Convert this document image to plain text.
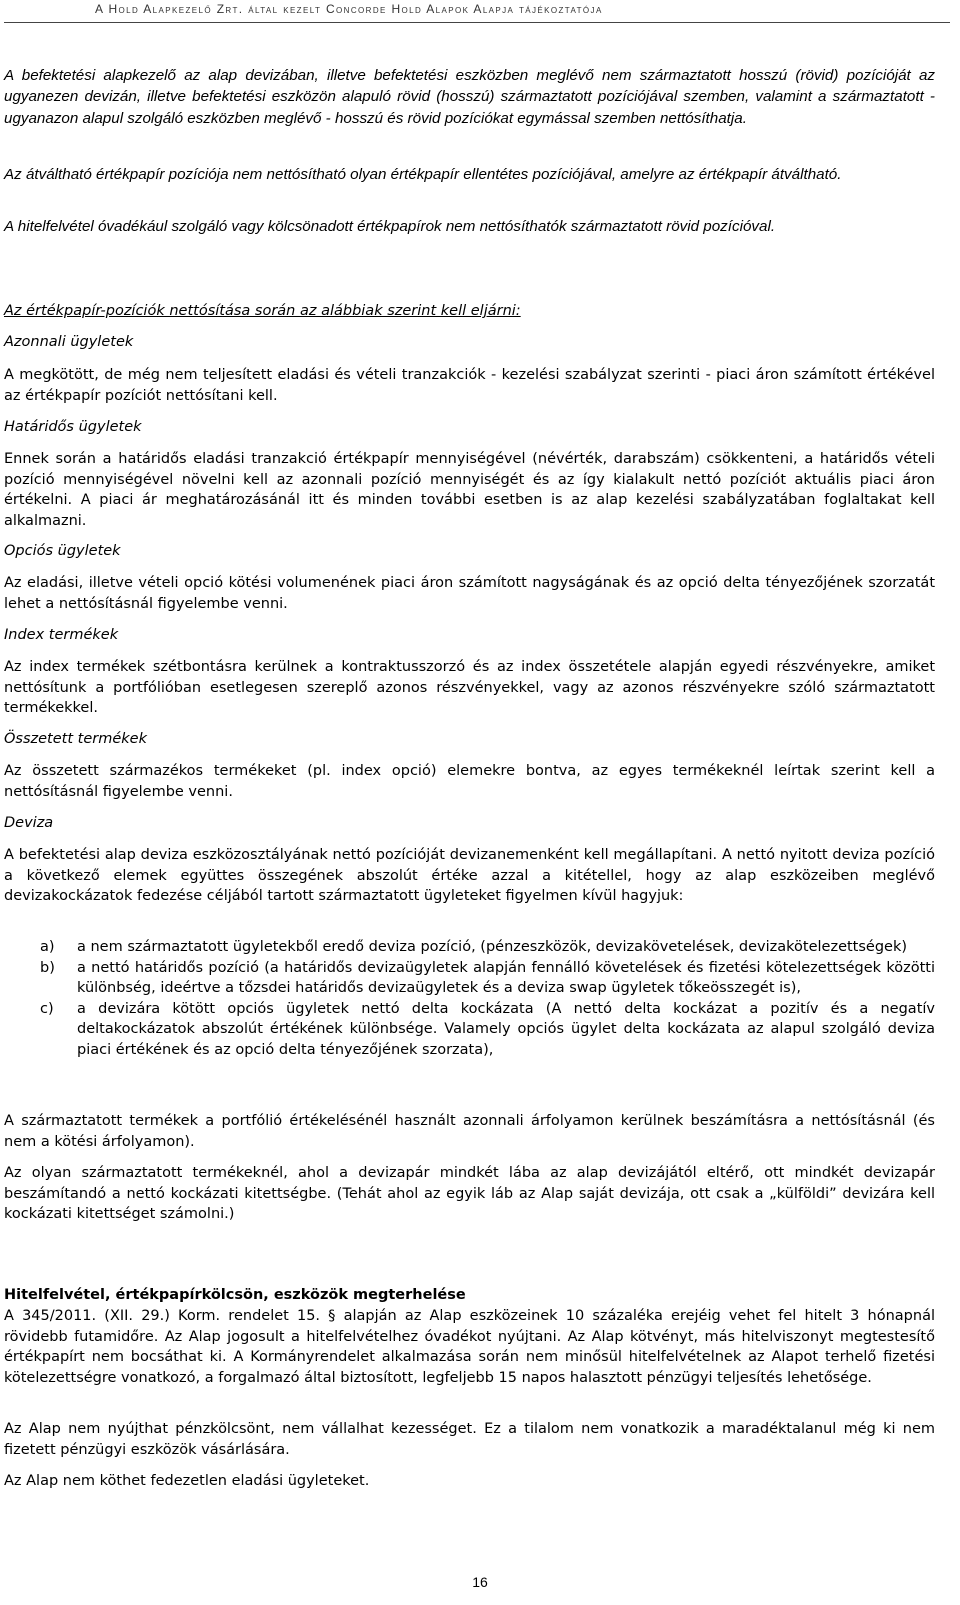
A Hold Alapkezelő Zrt. által kezelt Concorde Hold Alapok Alapja tájékoztatója
A befektetési alapkezelő az alap devizában, illetve befektetési eszközben meglévő nem származtatott hosszú (rövid) pozícióját az ugyanezen devizán, illetve befektetési eszközön alapuló rövid (hosszú) származtatott pozíciójával szemben, valamint a származtatott - ugyanazon alapul szolgáló eszközben meglévő - hosszú és rövid pozíciókat egymással szemben nettósíthatja.
Az átváltható értékpapír pozíciója nem nettósítható olyan értékpapír ellentétes pozíciójával, amelyre az értékpapír átváltható.
A hitelfelvétel óvadékául szolgáló vagy kölcsönadott értékpapírok nem nettósíthatók származtatott rövid pozícióval.
Az értékpapír-pozíciók nettósítása során az alábbiak szerint kell eljárni:
Azonnali ügyletek
A megkötött, de még nem teljesített eladási és vételi tranzakciók - kezelési szabályzat szerinti - piaci áron számított értékével az értékpapír pozíciót nettósítani kell.
Határidős ügyletek
Ennek során a határidős eladási tranzakció értékpapír mennyiségével (névérték, darabszám) csökkenteni, a határidős vételi pozíció mennyiségével növelni kell az azonnali pozíció mennyiségét és az így kialakult nettó pozíciót aktuális piaci áron értékelni. A piaci ár meghatározásánál itt és minden további esetben is az alap kezelési szabályzatában foglaltakat kell alkalmazni.
Opciós ügyletek
Az eladási, illetve vételi opció kötési volumenének piaci áron számított nagyságának és az opció delta tényezőjének szorzatát lehet a nettósításnál figyelembe venni.
Index termékek
Az index termékek szétbontásra kerülnek a kontraktusszorzó és az index összetétele alapján egyedi részvényekre, amiket nettósítunk a portfólióban esetlegesen szereplő azonos részvényekkel, vagy az azonos részvényekre szóló származtatott termékekkel.
Összetett termékek
Az összetett származékos termékeket (pl. index opció) elemekre bontva, az egyes termékeknél leírtak szerint kell a nettósításnál figyelembe venni.
Deviza
A befektetési alap deviza eszközosztályának nettó pozícióját devizanemenként kell megállapítani. A nettó nyitott deviza pozíció a következő elemek együttes összegének abszolút értéke azzal a kitétellel, hogy az alap eszközeiben meglévő devizakockázatok fedezése céljából tartott származtatott ügyleteket figyelmen kívül hagyjuk:
a) a nem származtatott ügyletekből eredő deviza pozíció, (pénzeszközök, devizakövetelések, devizakötelezettségek)
b) a nettó határidős pozíció (a határidős devizaügyletek alapján fennálló követelések és fizetési kötelezettségek közötti különbség, ideértve a tőzsdei határidős devizaügyletek és a deviza swap ügyletek tőkeösszegét is),
c) a devizára kötött opciós ügyletek nettó delta kockázata (A nettó delta kockázat a pozitív és a negatív deltakockázatok abszolút értékének különbsége. Valamely opciós ügylet delta kockázata az alapul szolgáló deviza piaci értékének és az opció delta tényezőjének szorzata),
A származtatott termékek a portfólió értékelésénél használt azonnali árfolyamon kerülnek beszámításra a nettósításnál (és nem a kötési árfolyamon).
Az olyan származtatott termékeknél, ahol a devizapár mindkét lába az alap devizájától eltérő, ott mindkét devizapár beszámítandó a nettó kockázati kitettségbe. (Tehát ahol az egyik láb az Alap saját devizája, ott csak a „külföldi” devizára kell kockázati kitettséget számolni.)
Hitelfelvétel, értékpapírkölcsön, eszközök megterhelése
A 345/2011. (XII. 29.) Korm. rendelet 15. § alapján az Alap eszközeinek 10 százaléka erejéig vehet fel hitelt 3 hónapnál rövidebb futamidőre. Az Alap jogosult a hitelfelvételhez óvadékot nyújtani. Az Alap kötvényt, más hitelviszonyt megtestesítő értékpapírt nem bocsáthat ki. A Kormányrendelet alkalmazása során nem minősül hitelfelvételnek az Alapot terhelő fizetési kötelezettségre vonatkozó, a forgalmazó által biztosított, legfeljebb 15 napos halasztott pénzügyi teljesítés lehetősége.
Az Alap nem nyújthat pénzkölcsönt, nem vállalhat kezességet. Ez a tilalom nem vonatkozik a maradéktalanul még ki nem fizetett pénzügyi eszközök vásárlására.
Az Alap nem köthet fedezetlen eladási ügyleteket.
16
